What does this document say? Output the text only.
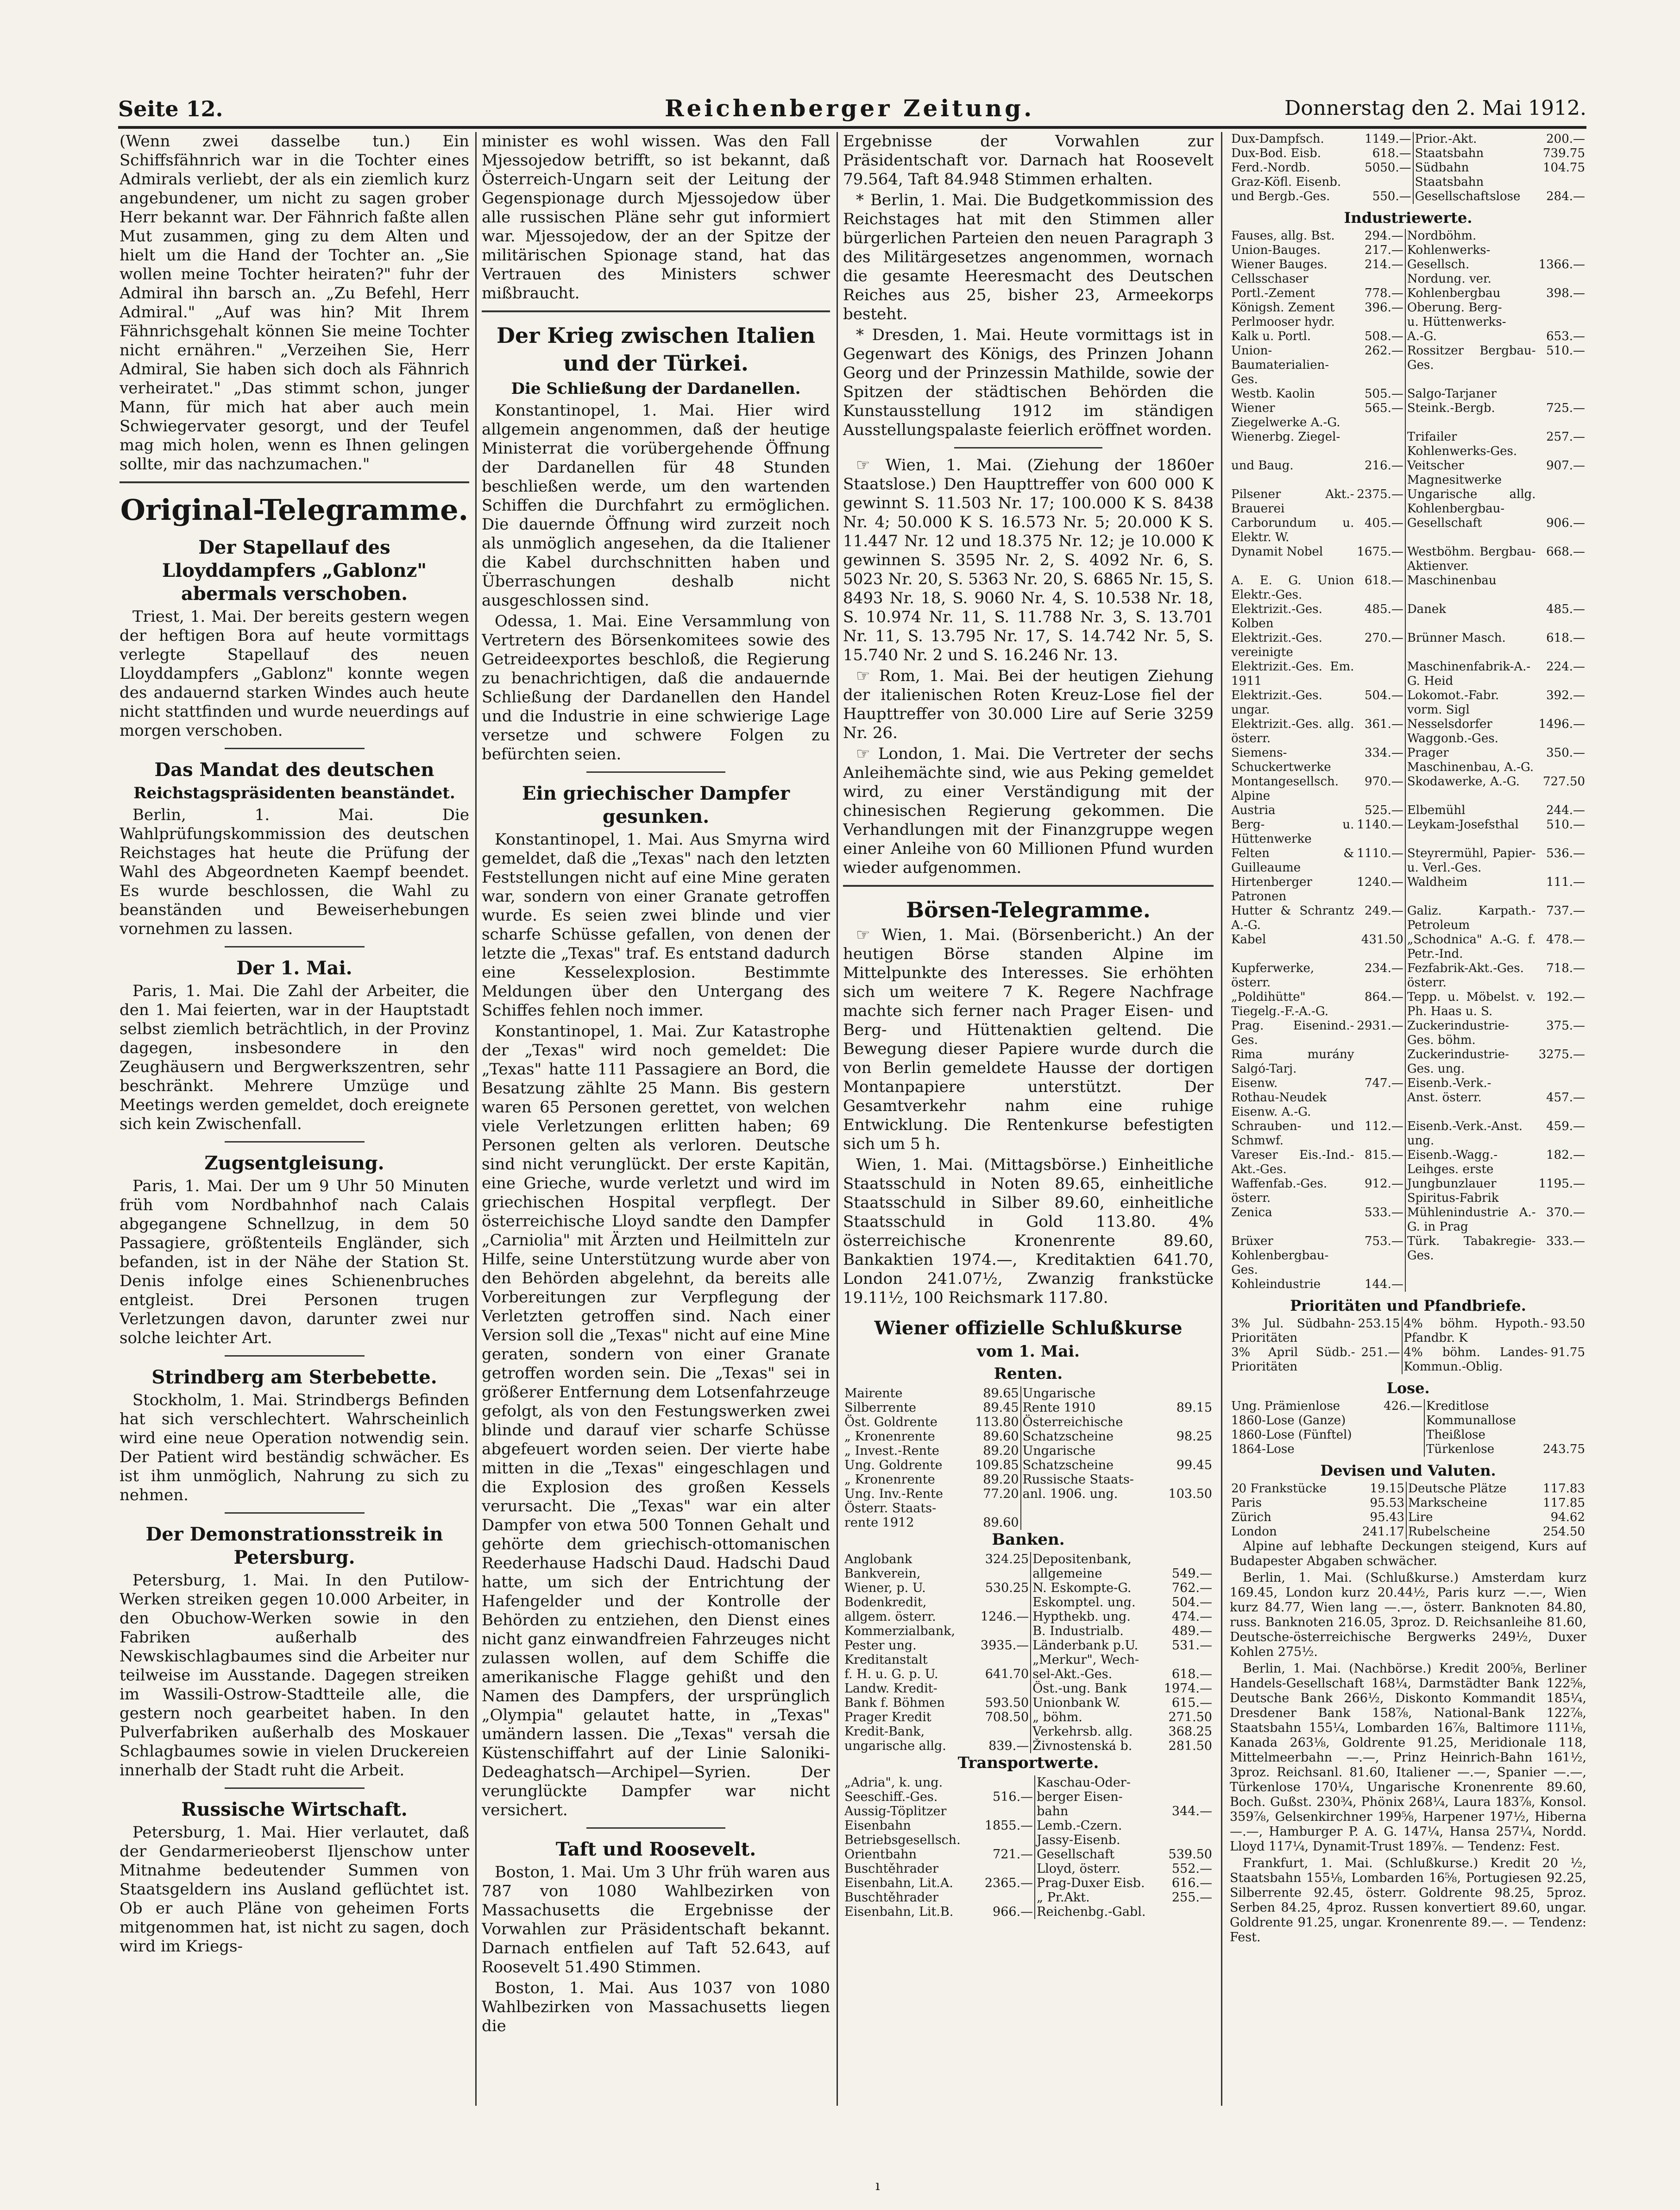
Seite 12.	Reichenberger Zeitung.	Donnerstag den 2. Mai 1912.

(Wenn zwei dasselbe tun.) Ein Schiffsfähnrich war in die Tochter eines Admirals verliebt, der als ein ziemlich kurz angebundener, um nicht zu sagen grober Herr bekannt war. Der Fähnrich faßte allen Mut zusammen, ging zu dem Alten und hielt um die Hand der Tochter an. „Sie wollen meine Tochter heiraten?" fuhr der Admiral ihn barsch an. „Zu Befehl, Herr Admiral." „Auf was hin? Mit Ihrem Fähnrichsgehalt können Sie meine Tochter nicht ernähren." „Verzeihen Sie, Herr Admiral, Sie haben sich doch als Fähnrich verheiratet." „Das stimmt schon, junger Mann, für mich hat aber auch mein Schwiegervater gesorgt, und der Teufel mag mich holen, wenn es Ihnen gelingen sollte, mir das nachzumachen."

Original-Telegramme.
Der Stapellauf des Lloyddampfers „Gablonz" abermals verschoben.

Triest, 1. Mai. Der bereits gestern wegen der heftigen Bora auf heute vormittags verlegte Stapellauf des neuen Lloyddampfers „Gablonz" konnte wegen des andauernd starken Windes auch heute nicht stattfinden und wurde neuerdings auf morgen verschoben.

Das Mandat des deutschen
Reichstagspräsidenten beanständet.

Berlin, 1. Mai. Die Wahlprüfungskommission des deutschen Reichstages hat heute die Prüfung der Wahl des Abgeordneten Kaempf beendet. Es wurde beschlossen, die Wahl zu beanständen und Beweiserhebungen vornehmen zu lassen.

Der 1. Mai.

Paris, 1. Mai. Die Zahl der Arbeiter, die den 1. Mai feierten, war in der Hauptstadt selbst ziemlich beträchtlich, in der Provinz dagegen, insbesondere in den Zeughäusern und Bergwerkszentren, sehr beschränkt. Mehrere Umzüge und Meetings werden gemeldet, doch ereignete sich kein Zwischenfall.

Zugsentgleisung.

Paris, 1. Mai. Der um 9 Uhr 50 Minuten früh vom Nordbahnhof nach Calais abgegangene Schnellzug, in dem 50 Passagiere, größtenteils Engländer, sich befanden, ist in der Nähe der Station St. Denis infolge eines Schienenbruches entgleist. Drei Personen trugen Verletzungen davon, darunter zwei nur solche leichter Art.

Strindberg am Sterbebette.

Stockholm, 1. Mai. Strindbergs Befinden hat sich verschlechtert. Wahrscheinlich wird eine neue Operation notwendig sein. Der Patient wird beständig schwächer. Es ist ihm unmöglich, Nahrung zu sich zu nehmen.

Der Demonstrationsstreik in Petersburg.

Petersburg, 1. Mai. In den Putilow-Werken streiken gegen 10.000 Arbeiter, in den Obuchow-Werken sowie in den Fabriken außerhalb des Newskischlagbaumes sind die Arbeiter nur teilweise im Ausstande. Dagegen streiken im Wassili-Ostrow-Stadtteile alle, die gestern noch gearbeitet haben. In den Pulverfabriken außerhalb des Moskauer Schlagbaumes sowie in vielen Druckereien innerhalb der Stadt ruht die Arbeit.

Russische Wirtschaft.

Petersburg, 1. Mai. Hier verlautet, daß der Gendarmerieoberst Iljenschow unter Mitnahme bedeutender Summen von Staatsgeldern ins Ausland geflüchtet ist. Ob er auch Pläne von geheimen Forts mitgenommen hat, ist nicht zu sagen, doch wird im Kriegs-

minister es wohl wissen. Was den Fall Mjessojedow betrifft, so ist bekannt, daß Österreich-Ungarn seit der Leitung der Gegenspionage durch Mjessojedow über alle russischen Pläne sehr gut informiert war. Mjessojedow, der an der Spitze der militärischen Spionage stand, hat das Vertrauen des Ministers schwer mißbraucht.

Der Krieg zwischen Italien und der Türkei.
Die Schließung der Dardanellen.

Konstantinopel, 1. Mai. Hier wird allgemein angenommen, daß der heutige Ministerrat die vorübergehende Öffnung der Dardanellen für 48 Stunden beschließen werde, um den wartenden Schiffen die Durchfahrt zu ermöglichen. Die dauernde Öffnung wird zurzeit noch als unmöglich angesehen, da die Italiener die Kabel durchschnitten haben und Überraschungen deshalb nicht ausgeschlossen sind.

Odessa, 1. Mai. Eine Versammlung von Vertretern des Börsenkomitees sowie des Getreideexportes beschloß, die Regierung zu benachrichtigen, daß die andauernde Schließung der Dardanellen den Handel und die Industrie in eine schwierige Lage versetze und schwere Folgen zu befürchten seien.

Ein griechischer Dampfer gesunken.

Konstantinopel, 1. Mai. Aus Smyrna wird gemeldet, daß die „Texas" nach den letzten Feststellungen nicht auf eine Mine geraten war, sondern von einer Granate getroffen wurde. Es seien zwei blinde und vier scharfe Schüsse gefallen, von denen der letzte die „Texas" traf. Es entstand dadurch eine Kesselexplosion. Bestimmte Meldungen über den Untergang des Schiffes fehlen noch immer.

Konstantinopel, 1. Mai. Zur Katastrophe der „Texas" wird noch gemeldet: Die „Texas" hatte 111 Passagiere an Bord, die Besatzung zählte 25 Mann. Bis gestern waren 65 Personen gerettet, von welchen viele Verletzungen erlitten haben; 69 Personen gelten als verloren. Deutsche sind nicht verunglückt. Der erste Kapitän, eine Griechе, wurde verletzt und wird im griechischen Hospital verpflegt. Der österreichische Lloyd sandte den Dampfer „Carniolia" mit Ärzten und Heilmitteln zur Hilfe, seine Unterstützung wurde aber von den Behörden abgelehnt, da bereits alle Vorbereitungen zur Verpflegung der Verletzten getroffen sind. Nach einer Version soll die „Texas" nicht auf eine Mine geraten, sondern von einer Granate getroffen worden sein. Die „Texas" sei in größerer Entfernung dem Lotsenfahrzeuge gefolgt, als von den Festungswerken zwei blinde und darauf vier scharfe Schüsse abgefeuert worden seien. Der vierte habe mitten in die „Texas" eingeschlagen und die Explosion des großen Kessels verursacht. Die „Texas" war ein alter Dampfer von etwa 500 Tonnen Gehalt und gehörte dem griechisch-ottomanischen Reederhause Hadschi Daud. Hadschi Daud hatte, um sich der Entrichtung der Hafengelder und der Kontrolle der Behörden zu entziehen, den Dienst eines nicht ganz einwandfreien Fahrzeuges nicht zulassen wollen, auf dem Schiffe die amerikanische Flagge gehißt und den Namen des Dampfers, der ursprünglich „Olympia" gelautet hatte, in „Texas" umändern lassen. Die „Texas" versah die Küstenschiffahrt auf der Linie Saloniki-Dedeaghatsch—Archipel—Syrien. Der verunglückte Dampfer war nicht versichert.

Taft und Roosevelt.

Boston, 1. Mai. Um 3 Uhr früh waren aus 787 von 1080 Wahlbezirken von Massachusetts die Ergebnisse der Vorwahlen zur Präsidentschaft bekannt. Darnach entfielen auf Taft 52.643, auf Roosevelt 51.490 Stimmen.

Boston, 1. Mai. Aus 1037 von 1080 Wahlbezirken von Massachusetts liegen die

Ergebnisse der Vorwahlen zur Präsidentschaft vor. Darnach hat Roosevelt 79.564, Taft 84.948 Stimmen erhalten.

* Berlin, 1. Mai. Die Budgetkommission des Reichstages hat mit den Stimmen aller bürgerlichen Parteien den neuen Paragraph 3 des Militärgesetzes angenommen, wornach die gesamte Heeresmacht des Deutschen Reiches aus 25, bisher 23, Armeekorps besteht.

* Dresden, 1. Mai. Heute vormittags ist in Gegenwart des Königs, des Prinzen Johann Georg und der Prinzessin Mathilde, sowie der Spitzen der städtischen Behörden die Kunstausstellung 1912 im ständigen Ausstellungspalaste feierlich eröffnet worden.

☞ Wien, 1. Mai. (Ziehung der 1860er Staatslose.) Den Haupttreffer von 600 000 K gewinnt S. 11.503 Nr. 17; 100.000 K S. 8438 Nr. 4; 50.000 K S. 16.573 Nr. 5; 20.000 K S. 11.447 Nr. 12 und 18.375 Nr. 12; je 10.000 K gewinnen S. 3595 Nr. 2, S. 4092 Nr. 6, S. 5023 Nr. 20, S. 5363 Nr. 20, S. 6865 Nr. 15, S. 8493 Nr. 18, S. 9060 Nr. 4, S. 10.538 Nr. 18, S. 10.974 Nr. 11, S. 11.788 Nr. 3, S. 13.701 Nr. 11, S. 13.795 Nr. 17, S. 14.742 Nr. 5, S. 15.740 Nr. 2 und S. 16.246 Nr. 13.

☞ Rom, 1. Mai. Bei der heutigen Ziehung der italienischen Roten Kreuz-Lose fiel der Haupttreffer von 30.000 Lire auf Serie 3259 Nr. 26.

☞ London, 1. Mai. Die Vertreter der sechs Anleihemächte sind, wie aus Peking gemeldet wird, zu einer Verständigung mit der chinesischen Regierung gekommen. Die Verhandlungen mit der Finanzgruppe wegen einer Anleihe von 60 Millionen Pfund wurden wieder aufgenommen.

Börsen-Telegramme.

☞ Wien, 1. Mai. (Börsenbericht.) An der heutigen Börse standen Alpine im Mittelpunkte des Interesses. Sie erhöhten sich um weitere 7 K. Regere Nachfrage machte sich ferner nach Prager Eisen- und Berg- und Hüttenaktien geltend. Die Bewegung dieser Papiere wurde durch die von Berlin gemeldete Hausse der dortigen Montanpapiere unterstützt. Der Gesamtverkehr nahm eine ruhige Entwicklung. Die Rentenkurse befestigten sich um 5 h.

Wien, 1. Mai. (Mittagsbörse.) Einheitliche Staatsschuld in Noten 89.65, einheitliche Staatsschuld in Silber 89.60, einheitliche Staatsschuld in Gold 113.80. 4% österreichische Kronenrente 89.60, Bankaktien 1974.—, Kreditaktien 641.70, London 241.07½, Zwanzig frankstücke 19.11½, 100 Reichsmark 117.80.

Wiener offizielle Schlußkurse
vom 1. Mai.
Renten.
Mairente	89.65	Ungarische	
Silberrente	89.45	Rente 1910	89.15
Öst. Goldrente	113.80	Österreichische	
„ Kronenrente	89.60	Schatzscheine	98.25
„ Invest.-Rente	89.20	Ungarische	
Ung. Goldrente	109.85	Schatzscheine	99.45
„ Kronenrente	89.20	Russische Staats-	
Ung. Inv.-Rente	77.20	anl. 1906. ung.	103.50
Österr. Staats-			
rente 1912	89.60		
Banken.
Anglobank	324.25	Depositenbank,	
Bankverein,		allgemeine	549.—
Wiener, p. U.	530.25	N. Eskompte-G.	762.—
Bodenkredit,		Eskomptel. ung.	504.—
allgem. österr.	1246.—	Hypthekb. ung.	474.—
Kommerzialbank,		B. Industrialb.	489.—
Pester ung.	3935.—	Länderbank p.U.	531.—
Kreditanstalt		„Merkur", Wech-	
f. H. u. G. p. U.	641.70	sel-Akt.-Ges.	618.—
Landw. Kredit-		Öst.-ung. Bank	1974.—
Bank f. Böhmen	593.50	Unionbank W.	615.—
Prager Kredit	708.50	„ böhm.	271.50
Kredit-Bank,		Verkehrsb. allg.	368.25
ungarische allg.	839.—	Živnostenská b.	281.50
Transportwerte.
„Adria", k. ung.		Kaschau-Oder-	
Seeschiff.-Ges.	516.—	berger Eisen-	
Aussig-Töplitzer		bahn	344.—
Eisenbahn	1855.—	Lemb.-Czern.	
Betriebsgesellsch.		Jassy-Eisenb.	
Orientbahn	721.—	Gesellschaft	539.50
Buschtěhrader		Lloyd, österr.	552.—
Eisenbahn, Lit.A.	2365.—	Prag-Duxer Eisb.	616.—
Buschtěhrader		„ Pr.Akt.	255.—
Eisenbahn, Lit.B.	966.—	Reichenbg.-Gabl.	
Dux-Dampfsch.	1149.—	Prior.-Akt.	200.—
Dux-Bod. Eisb.	618.—	Staatsbahn	739.75
Ferd.-Nordb.	5050.—	Südbahn	104.75
Graz-Köfl. Eisenb.		Staatsbahn	
und Bergb.-Ges.	550.—	Gesellschaftslose	284.—
Industriewerte.
Fauses, allg. Bst.	294.—	Nordböhm.	
Union-Bauges.	217.—	Kohlenwerks-	
Wiener Bauges.	214.—	Gesellsch.	1366.—
Cellsschaser		Nordung. ver.	
Portl.-Zement	778.—	Kohlenbergbau	398.—
Königsh. Zement	396.—	Oberung. Berg-	
Perlmooser hydr.		u. Hüttenwerks-	
Kalk u. Portl.	508.—	A.-G.	653.—
Union-Baumaterialien-Ges.	262.—	Rossitzer Bergbau-Ges.	510.—
Westb. Kaolin	505.—	Salgo-Tarjaner	
Wiener Ziegelwerke A.-G.	565.—	Steink.-Bergb.	725.—
Wienerbg. Ziegel-		Trifailer Kohlenwerks-Ges.	257.—
und Baug.	216.—	Veitscher Magnesitwerke	907.—
Pilsener Akt.-Brauerei	2375.—	Ungarische allg. Kohlenbergbau-	
Carborundum u. Elektr. W.	405.—	Gesellschaft	906.—
Dynamit Nobel	1675.—	Westböhm. Bergbau-Aktienver.	668.—
A. E. G. Union Elektr.-Ges.	618.—	Maschinenbau	
Elektrizit.-Ges. Kolben	485.—	Danek	485.—
Elektrizit.-Ges. vereinigte	270.—	Brünner Masch.	618.—
Elektrizit.-Ges. Em. 1911		Maschinenfabrik-A.-G. Heid	224.—
Elektrizit.-Ges. ungar.	504.—	Lokomot.-Fabr. vorm. Sigl	392.—
Elektrizit.-Ges. allg. österr.	361.—	Nesselsdorfer Waggonb.-Ges.	1496.—
Siemens-Schuckertwerke	334.—	Prager Maschinenbau, A.-G.	350.—
Montangesellsch. Alpine	970.—	Skodawerke, A.-G.	727.50
Austria	525.—	Elbemühl	244.—
Berg- u. Hüttenwerke	1140.—	Leykam-Josefsthal	510.—
Felten & Guilleaume	1110.—	Steyrermühl, Papier- u. Verl.-Ges.	536.—
Hirtenberger Patronen	1240.—	Waldheim	111.—
Hutter & Schrantz A.-G.	249.—	Galiz. Karpath.-Petroleum	737.—
Kabel	431.50	„Schodnica" A.-G. f. Petr.-Ind.	478.—
Kupferwerke, österr.	234.—	Fezfabrik-Akt.-Ges. österr.	718.—
„Poldihütte" Tiegelg.-F.-A.-G.	864.—	Tepp. u. Möbelst. v. Ph. Haas u. S.	192.—
Prag. Eisenind.-Ges.	2931.—	Zuckerindustrie-Ges. böhm.	375.—
Rima murány Salgó-Tarj.		Zuckerindustrie-Ges. ung.	3275.—
Eisenw.	747.—	Eisenb.-Verk.-	
Rothau-Neudek Eisenw. A.-G.		Anst. österr.	457.—
Schrauben- und Schmwf.	112.—	Eisenb.-Verk.-Anst. ung.	459.—
Vareser Eis.-Ind.-Akt.-Ges.	815.—	Eisenb.-Wagg.-Leihges. erste	182.—
Waffenfab.-Ges. österr.	912.—	Jungbunzlauer Spiritus-Fabrik	1195.—
Zenica	533.—	Mühlenindustrie A.-G. in Prag	370.—
Brüxer Kohlenbergbau-Ges.	753.—	Türk. Tabakregie-Ges.	333.—
Kohleindustrie	144.—		
Prioritäten und Pfandbriefe.
3% Jul. Südbahn-Prioritäten	253.15	4% böhm. Hypoth.-Pfandbr. K	93.50
3% April Südb.-Prioritäten	251.—	4% böhm. Landes-Kommun.-Oblig.	91.75
Lose.
Ung. Prämienlose	426.—	Kreditlose	
1860-Lose (Ganze)		Kommunallose	
1860-Lose (Fünftel)		Theißlose	
1864-Lose		Türkenlose	243.75
Devisen und Valuten.
20 Frankstücke	19.15	Deutsche Plätze	117.83
Paris	95.53	Markscheine	117.85
Zürich	95.43	Lire	94.62
London	241.17	Rubelscheine	254.50

Alpine auf lebhafte Deckungen steigend, Kurs auf Budapester Abgaben schwächer.

Berlin, 1. Mai. (Schlußkurse.) Amsterdam kurz 169.45, London kurz 20.44½, Paris kurz —.—, Wien kurz 84.77, Wien lang —.—, österr. Banknoten 84.80, russ. Banknoten 216.05, 3proz. D. Reichsanleihe 81.60, Deutsche-österreichische Bergwerks 249½, Duxer Kohlen 275½.

Berlin, 1. Mai. (Nachbörse.) Kredit 200⅝, Berliner Handels-Gesellschaft 168¼, Darmstädter Bank 122⅝, Deutsche Bank 266½, Diskonto Kommandit 185¼, Dresdener Bank 158⅞, National-Bank 122⅞, Staatsbahn 155¼, Lombarden 16⅞, Baltimore 111⅛, Kanada 263⅛, Goldrente 91.25, Meridionale 118, Mittelmeerbahn —.—, Prinz Heinrich-Bahn 161½, 3proz. Reichsanl. 81.60, Italiener —.—, Spanier —.—, Türkenlose 170¼, Ungarische Kronenrente 89.60, Boch. Gußst. 230¾, Phönix 268¼, Laura 183⅞, Konsol. 359⅞, Gelsenkirchner 199⅝, Harpener 197½, Hiberna —.—, Hamburger P. A. G. 147¼, Hansa 257¼, Nordd. Lloyd 117¼, Dynamit-Trust 189⅞. — Tendenz: Fest.

Frankfurt, 1. Mai. (Schlußkurse.) Kredit 20 ½, Staatsbahn 155⅛, Lombarden 16⅝, Portugiesen 92.25, Silberrente 92.45, österr. Goldrente 98.25, 5proz. Serben 84.25, 4proz. Russen konvertiert 89.60, ungar. Goldrente 91.25, ungar. Kronenrente 89.—. — Tendenz: Fest.

ı
